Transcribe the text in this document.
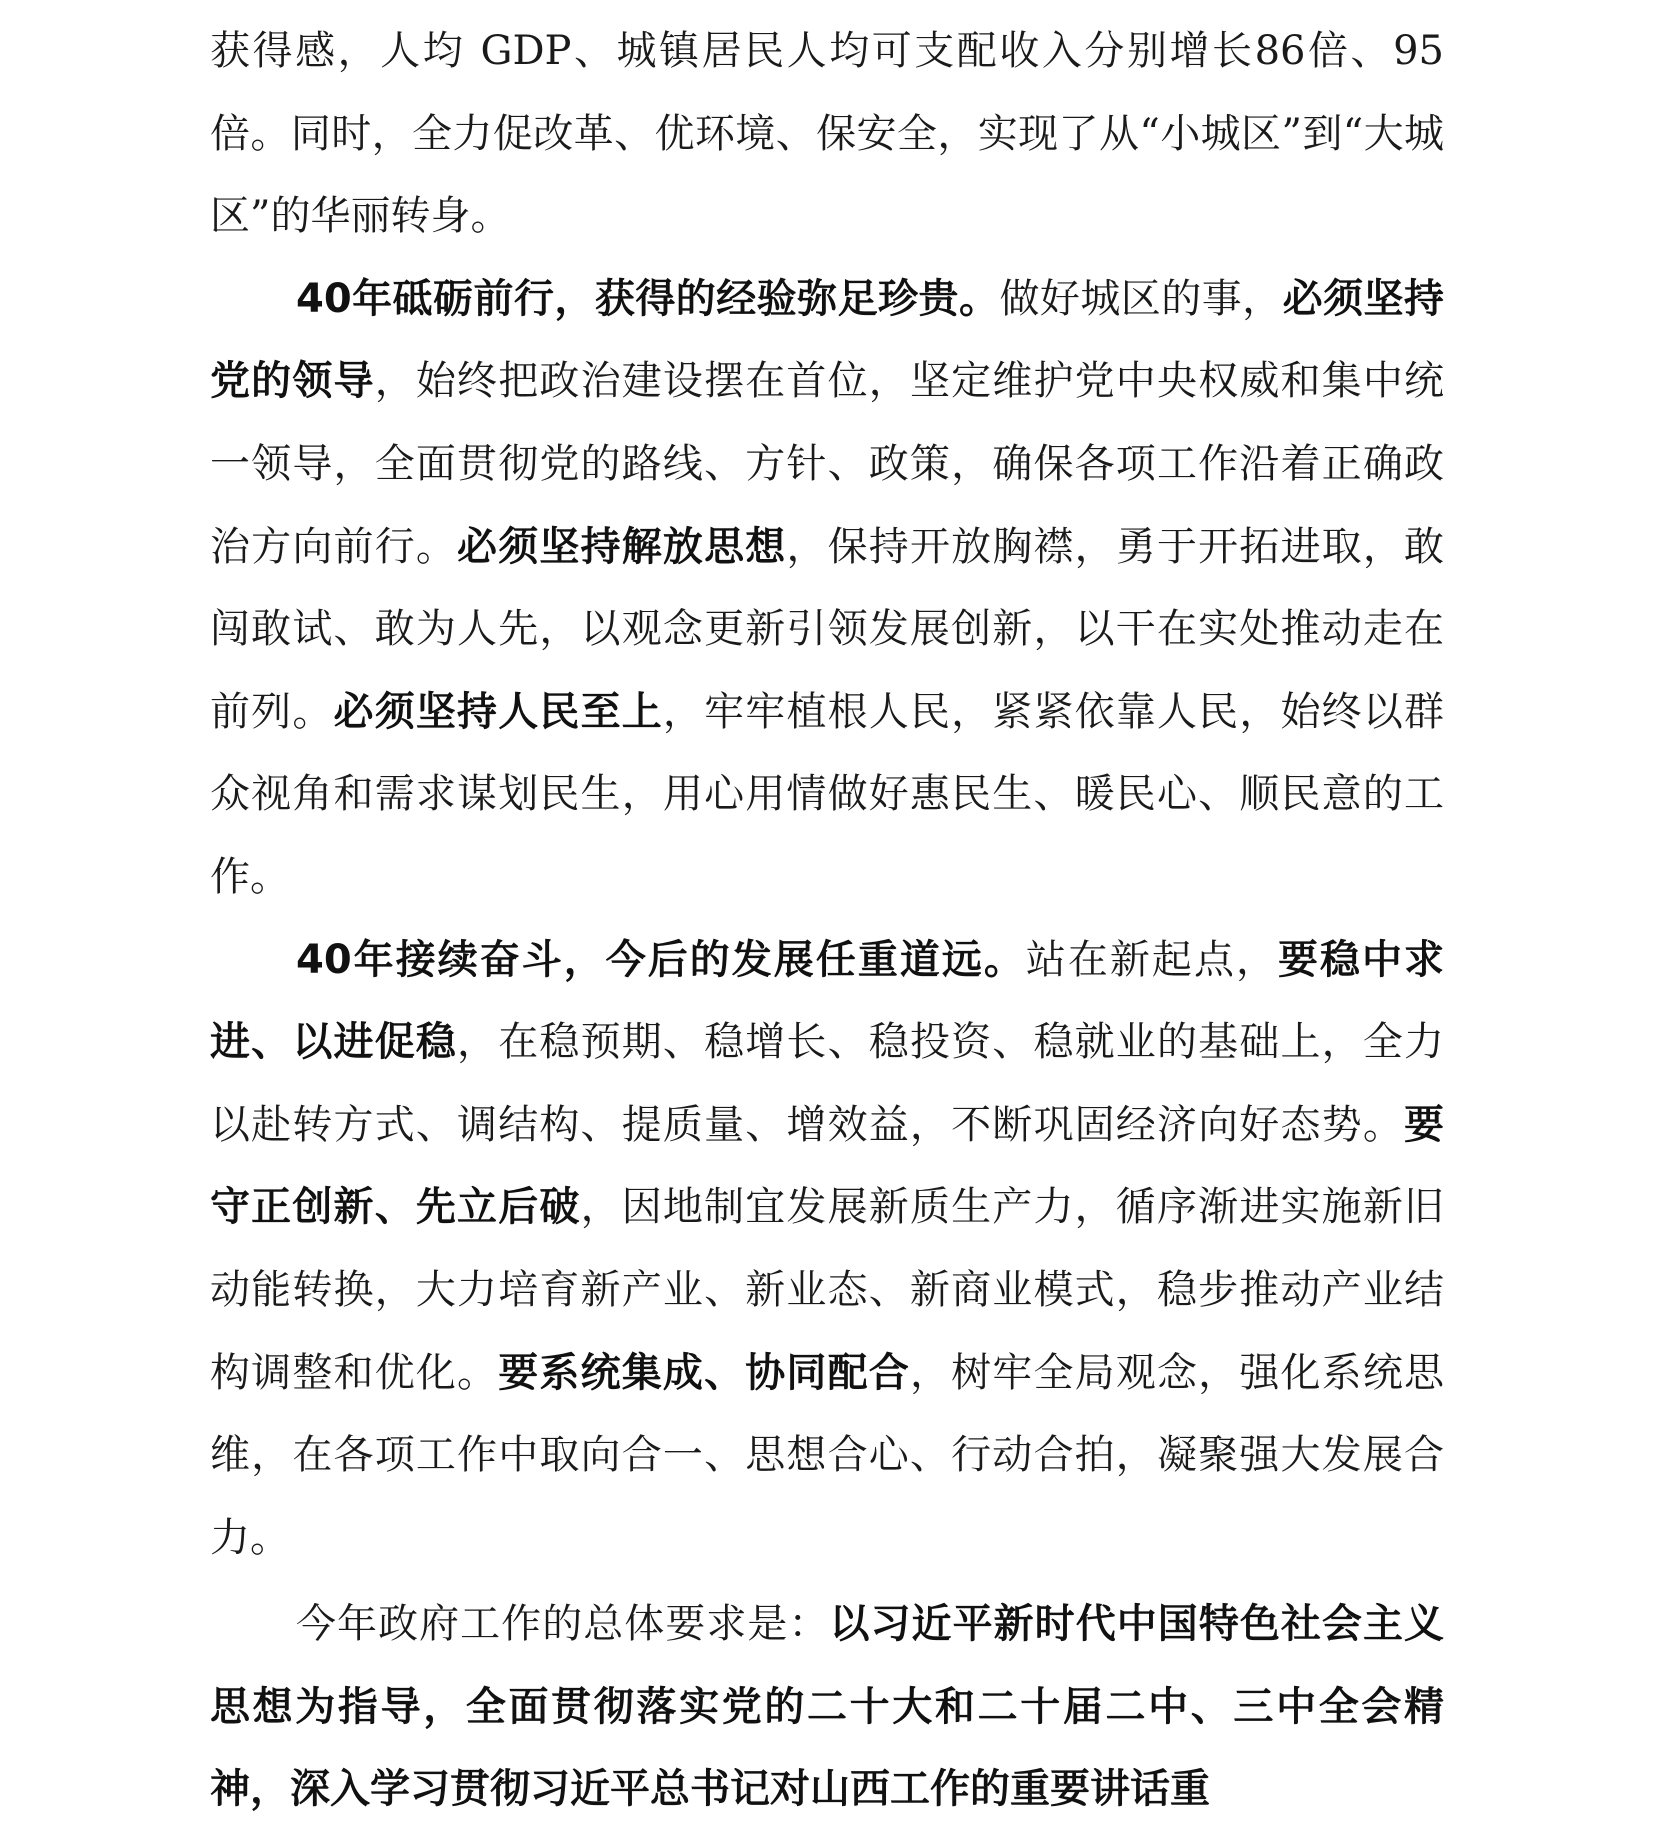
获得感，人均 GDP、城镇居民人均可支配收入分别增长86倍、95倍。同时，全力促改革、优环境、保安全，实现了从“小城区”到“大城区”的华丽转身。

40年砥砺前行，获得的经验弥足珍贵。做好城区的事，必须坚持党的领导，始终把政治建设摆在首位，坚定维护党中央权威和集中统一领导，全面贯彻党的路线、方针、政策，确保各项工作沿着正确政治方向前行。必须坚持解放思想，保持开放胸襟，勇于开拓进取，敢闯敢试、敢为人先，以观念更新引领发展创新，以干在实处推动走在前列。必须坚持人民至上，牢牢植根人民，紧紧依靠人民，始终以群众视角和需求谋划民生，用心用情做好惠民生、暖民心、顺民意的工作。

40年接续奋斗，今后的发展任重道远。站在新起点，要稳中求进、以进促稳，在稳预期、稳增长、稳投资、稳就业的基础上，全力以赴转方式、调结构、提质量、增效益，不断巩固经济向好态势。要守正创新、先立后破，因地制宜发展新质生产力，循序渐进实施新旧动能转换，大力培育新产业、新业态、新商业模式，稳步推动产业结构调整和优化。要系统集成、协同配合，树牢全局观念，强化系统思维，在各项工作中取向合一、思想合心、行动合拍，凝聚强大发展合力。

今年政府工作的总体要求是：以习近平新时代中国特色社会主义思想为指导，全面贯彻落实党的二十大和二十届二中、三中全会精神，深入学习贯彻习近平总书记对山西工作的重要讲话重
